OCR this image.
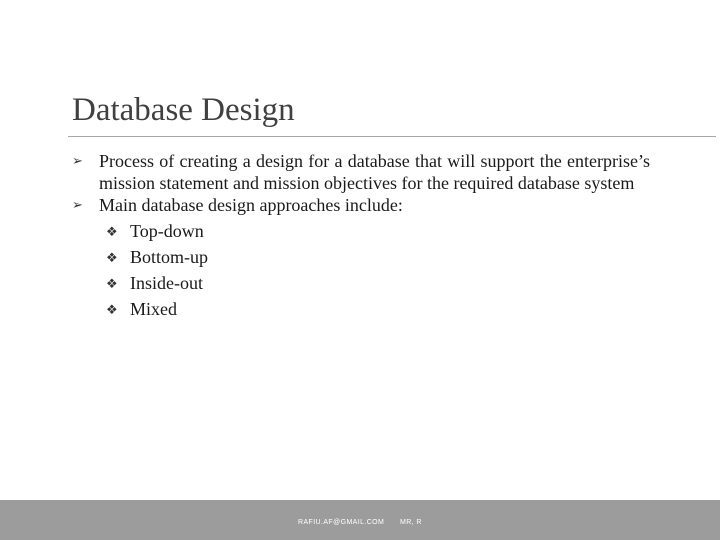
Database Design
➢ Process of creating a design for a database that will support the enterprise’s mission statement and mission objectives for the required database system
➢ Main database design approaches include:
❖ Top-down
❖ Bottom-up
❖ Inside-out
❖ Mixed
RAFIU.AF@GMAIL.COM MR, R
